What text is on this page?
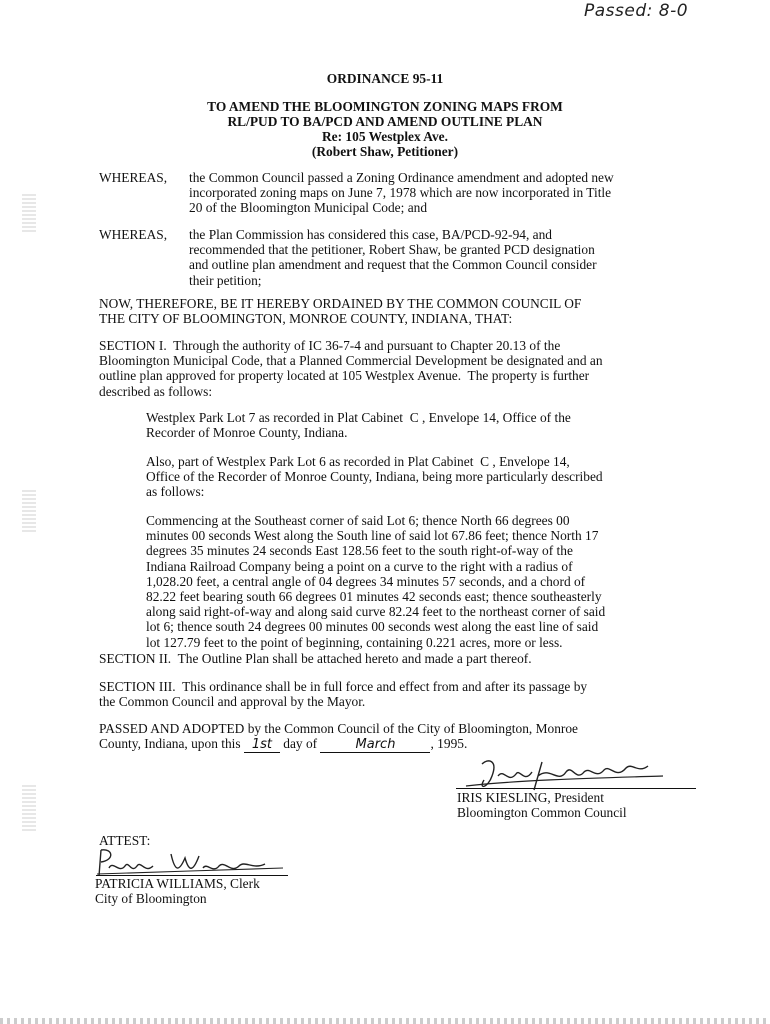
Passed: 8-0
ORDINANCE 95-11
TO AMEND THE BLOOMINGTON ZONING MAPS FROM
RL/PUD TO BA/PCD AND AMEND OUTLINE PLAN
Re: 105 Westplex Ave.
(Robert Shaw, Petitioner)
WHEREAS, the Common Council passed a Zoning Ordinance amendment and adopted new
incorporated zoning maps on June 7, 1978 which are now incorporated in Title
20 of the Bloomington Municipal Code; and
WHEREAS, the Plan Commission has considered this case, BA/PCD-92-94, and
recommended that the petitioner, Robert Shaw, be granted PCD designation
and outline plan amendment and request that the Common Council consider
their petition;
NOW, THEREFORE, BE IT HEREBY ORDAINED BY THE COMMON COUNCIL OF
THE CITY OF BLOOMINGTON, MONROE COUNTY, INDIANA, THAT:
SECTION I.  Through the authority of IC 36-7-4 and pursuant to Chapter 20.13 of the
Bloomington Municipal Code, that a Planned Commercial Development be designated and an
outline plan approved for property located at 105 Westplex Avenue.  The property is further
described as follows:
Westplex Park Lot 7 as recorded in Plat Cabinet  C , Envelope 14, Office of the
Recorder of Monroe County, Indiana.
Also, part of Westplex Park Lot 6 as recorded in Plat Cabinet  C , Envelope 14,
Office of the Recorder of Monroe County, Indiana, being more particularly described
as follows:
Commencing at the Southeast corner of said Lot 6; thence North 66 degrees 00
minutes 00 seconds West along the South line of said lot 67.86 feet; thence North 17
degrees 35 minutes 24 seconds East 128.56 feet to the south right-of-way of the
Indiana Railroad Company being a point on a curve to the right with a radius of
1,028.20 feet, a central angle of 04 degrees 34 minutes 57 seconds, and a chord of
82.22 feet bearing south 66 degrees 01 minutes 42 seconds east; thence southeasterly
along said right-of-way and along said curve 82.24 feet to the northeast corner of said
lot 6; thence south 24 degrees 00 minutes 00 seconds west along the east line of said
lot 127.79 feet to the point of beginning, containing 0.221 acres, more or less.
SECTION II.  The Outline Plan shall be attached hereto and made a part thereof.
SECTION III.  This ordinance shall be in full force and effect from and after its passage by
the Common Council and approval by the Mayor.
PASSED AND ADOPTED by the Common Council of the City of Bloomington, Monroe
County, Indiana, upon this 1st day of	March	, 1995.
IRIS KIESLING, President
Bloomington Common Council
ATTEST:
PATRICIA WILLIAMS, Clerk
City of Bloomington
